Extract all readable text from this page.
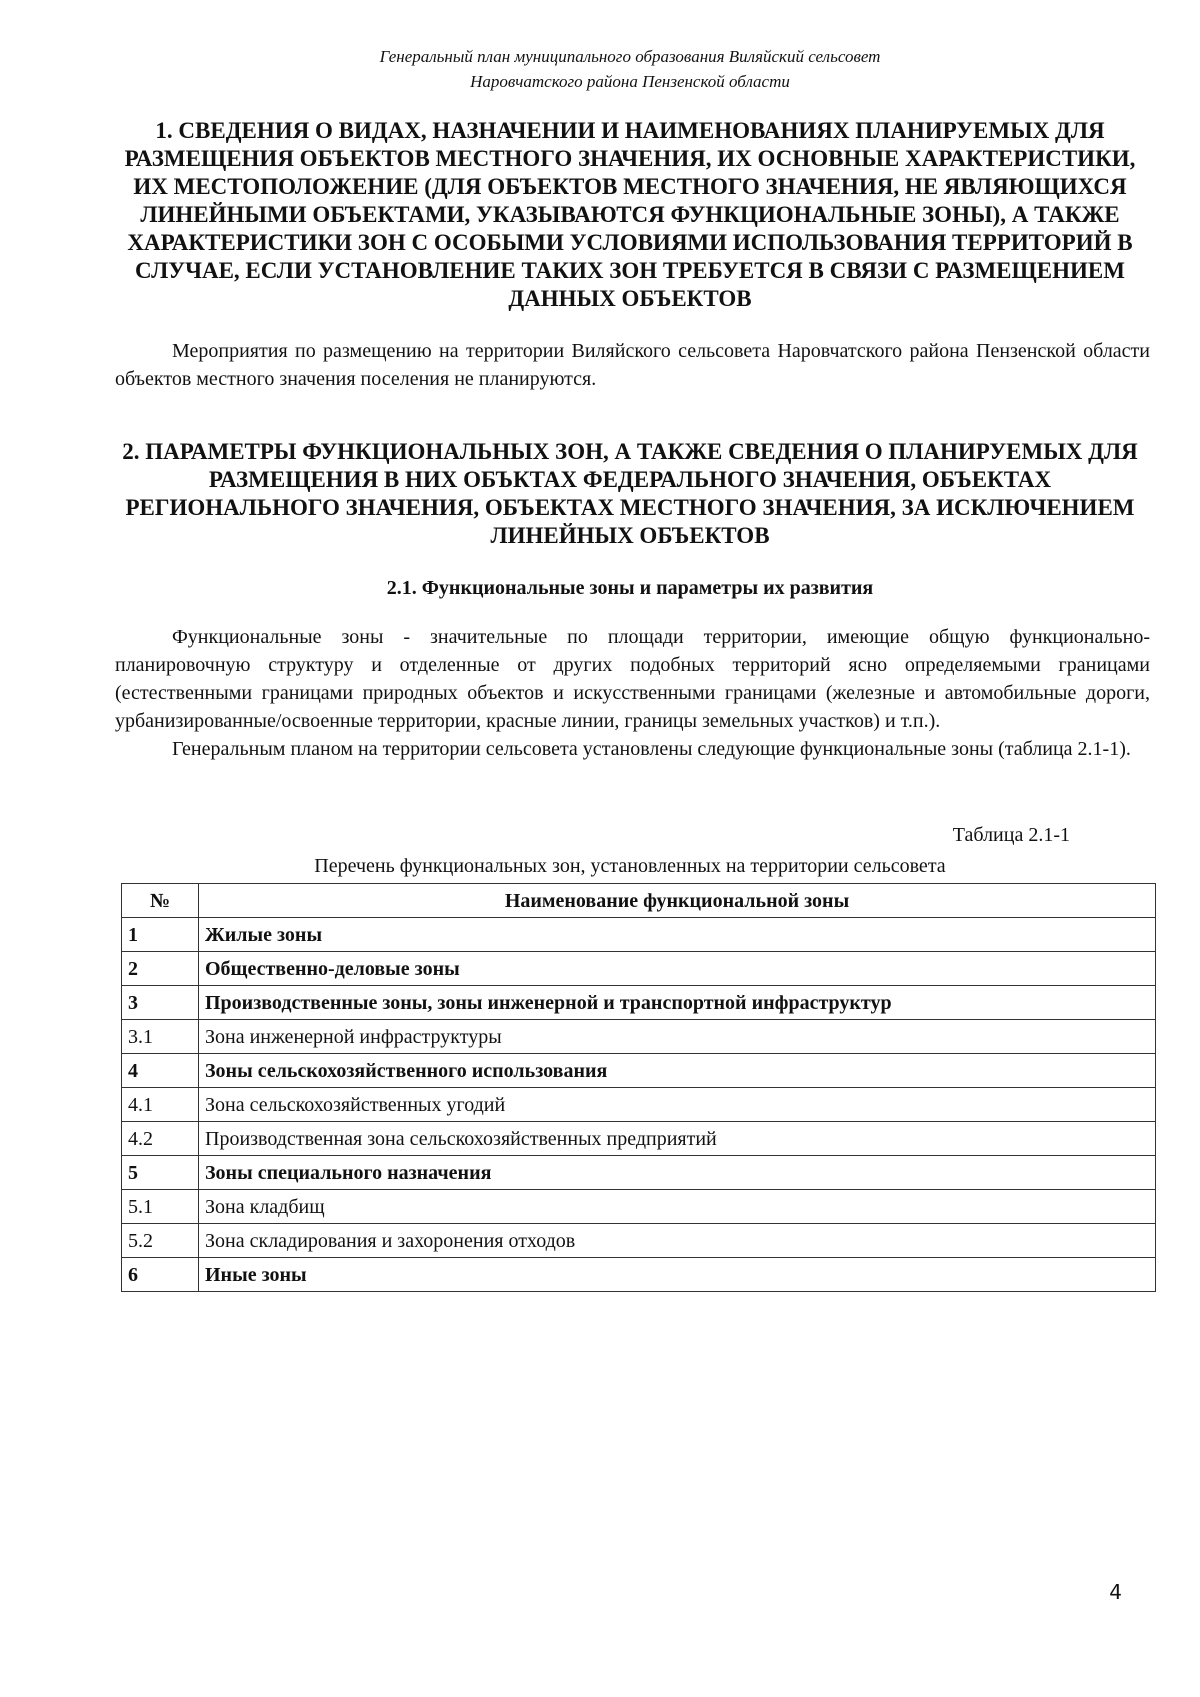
Генеральный план муниципального образования Виляйский сельсовет
Наровчатского района Пензенской области
1. СВЕДЕНИЯ О ВИДАХ, НАЗНАЧЕНИИ И НАИМЕНОВАНИЯХ ПЛАНИРУЕМЫХ ДЛЯ РАЗМЕЩЕНИЯ ОБЪЕКТОВ МЕСТНОГО ЗНАЧЕНИЯ, ИХ ОСНОВНЫЕ ХАРАКТЕРИСТИКИ, ИХ МЕСТОПОЛОЖЕНИЕ (ДЛЯ ОБЪЕКТОВ МЕСТНОГО ЗНАЧЕНИЯ, НЕ ЯВЛЯЮЩИХСЯ ЛИНЕЙНЫМИ ОБЪЕКТАМИ, УКАЗЫВАЮТСЯ ФУНКЦИОНАЛЬНЫЕ ЗОНЫ), А ТАКЖЕ ХАРАКТЕРИСТИКИ ЗОН С ОСОБЫМИ УСЛОВИЯМИ ИСПОЛЬЗОВАНИЯ ТЕРРИТОРИЙ В СЛУЧАЕ, ЕСЛИ УСТАНОВЛЕНИЕ ТАКИХ ЗОН ТРЕБУЕТСЯ В СВЯЗИ С РАЗМЕЩЕНИЕМ ДАННЫХ ОБЪЕКТОВ

Мероприятия по размещению на территории Виляйского сельсовета Наровчатского района Пензенской области объектов местного значения поселения не планируются.

2. ПАРАМЕТРЫ ФУНКЦИОНАЛЬНЫХ ЗОН, А ТАКЖЕ СВЕДЕНИЯ О ПЛАНИРУЕМЫХ ДЛЯ РАЗМЕЩЕНИЯ В НИХ ОБЪКТАХ ФЕДЕРАЛЬНОГО ЗНАЧЕНИЯ, ОБЪЕКТАХ РЕГИОНАЛЬНОГО ЗНАЧЕНИЯ, ОБЪЕКТАХ МЕСТНОГО ЗНАЧЕНИЯ, ЗА ИСКЛЮЧЕНИЕМ ЛИНЕЙНЫХ ОБЪЕКТОВ
2.1. Функциональные зоны и параметры их развития

Функциональные зоны - значительные по площади территории, имеющие общую функционально-планировочную структуру и отделенные от других подобных территорий ясно определяемыми границами (естественными границами природных объектов и искусственными границами (железные и автомобильные дороги, урбанизированные/освоенные территории, красные линии, границы земельных участков) и т.п.).

Генеральным планом на территории сельсовета установлены следующие функциональные зоны (таблица 2.1-1).

Таблица 2.1-1
Перечень функциональных зон, установленных на территории сельсовета
№	Наименование функциональной зоны
1	Жилые зоны
2	Общественно-деловые зоны
3	Производственные зоны, зоны инженерной и транспортной инфраструктур
3.1	Зона инженерной инфраструктуры
4	Зоны сельскохозяйственного использования
4.1	Зона сельскохозяйственных угодий
4.2	Производственная зона сельскохозяйственных предприятий
5	Зоны специального назначения
5.1	Зона кладбищ
5.2	Зона складирования и захоронения отходов
6	Иные зоны
4
